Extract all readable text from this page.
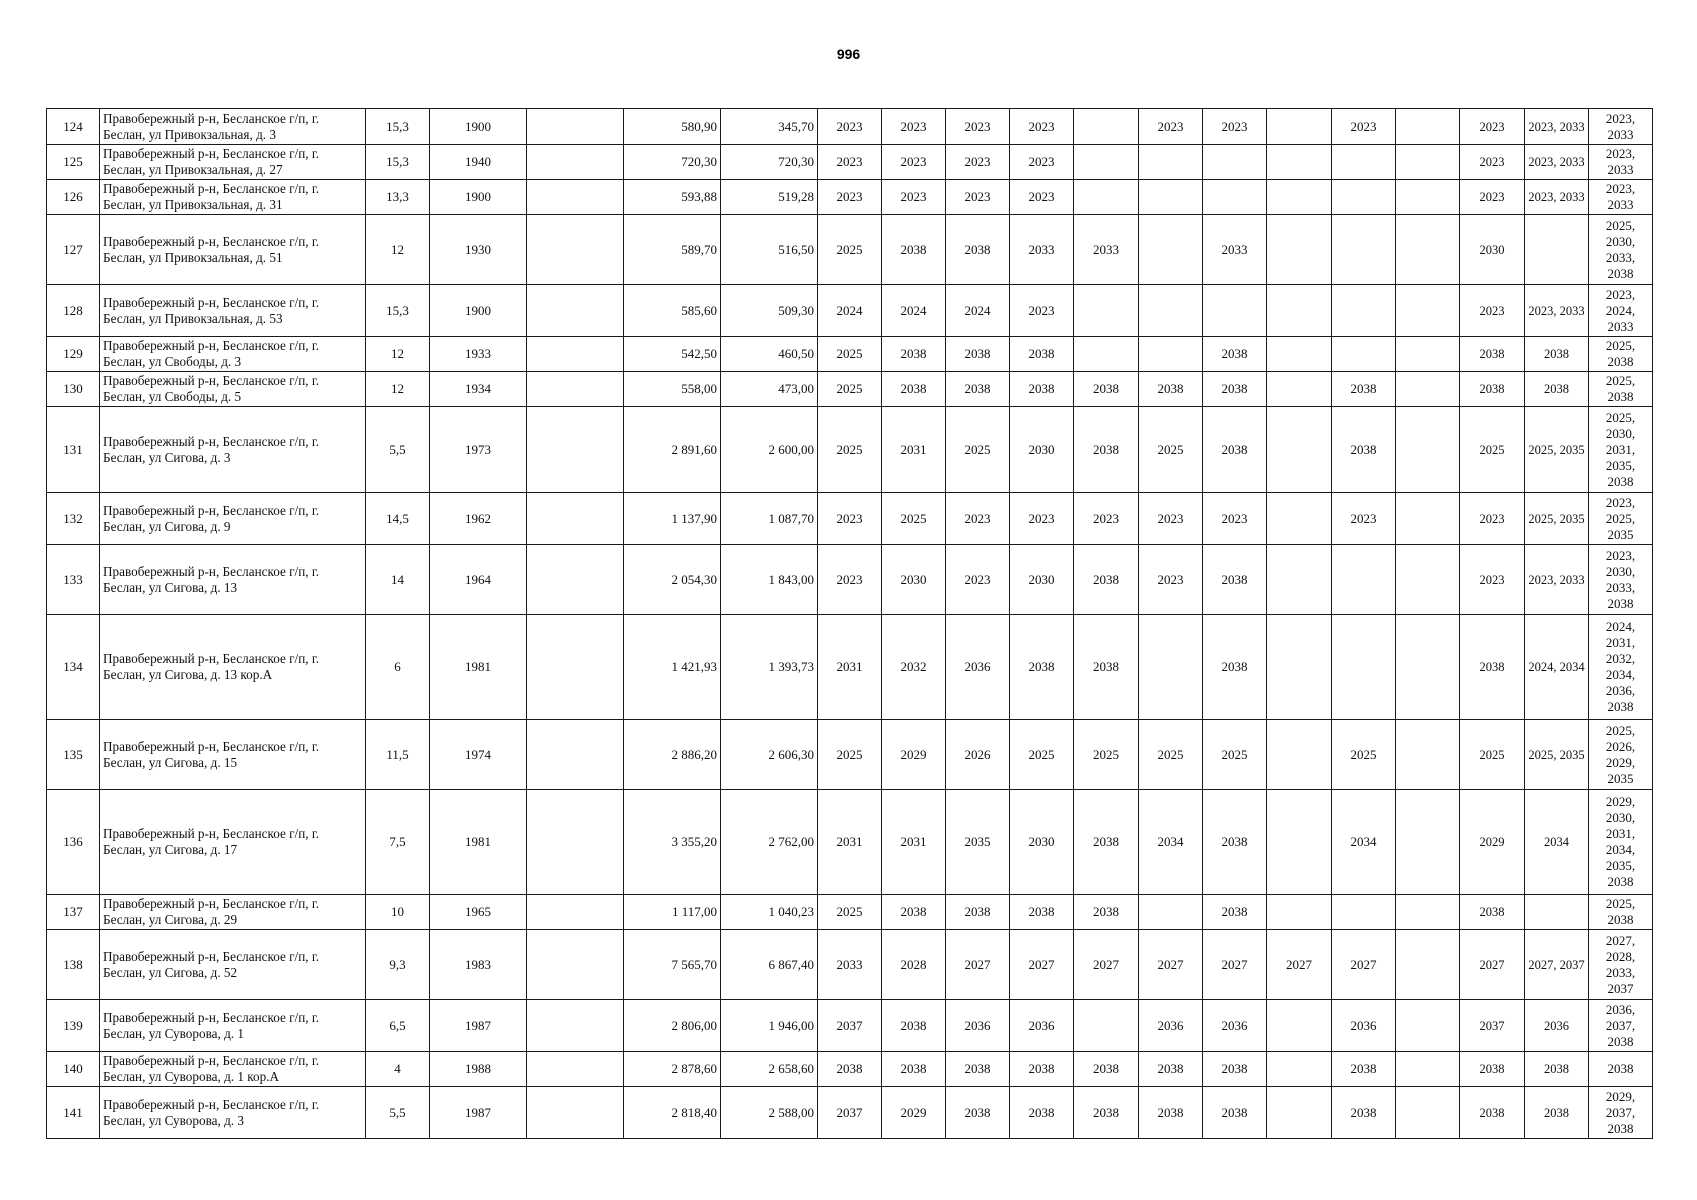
996
124	Правобережный р-н, Бесланское г/п, г. Беслан, ул Привокзальная, д. 3	15,3	1900		580,90	345,70	2023	2023	2023	2023		2023	2023		2023		2023	2023, 2033	2023, 2033
125	Правобережный р-н, Бесланское г/п, г. Беслан, ул Привокзальная, д. 27	15,3	1940		720,30	720,30	2023	2023	2023	2023							2023	2023, 2033	2023, 2033
126	Правобережный р-н, Бесланское г/п, г. Беслан, ул Привокзальная, д. 31	13,3	1900		593,88	519,28	2023	2023	2023	2023							2023	2023, 2033	2023, 2033
127	Правобережный р-н, Бесланское г/п, г. Беслан, ул Привокзальная, д. 51	12	1930		589,70	516,50	2025	2038	2038	2033	2033		2033				2030		2025, 2030, 2033, 2038
128	Правобережный р-н, Бесланское г/п, г. Беслан, ул Привокзальная, д. 53	15,3	1900		585,60	509,30	2024	2024	2024	2023							2023	2023, 2033	2023, 2024, 2033
129	Правобережный р-н, Бесланское г/п, г. Беслан, ул Свободы, д. 3	12	1933		542,50	460,50	2025	2038	2038	2038			2038				2038	2038	2025, 2038
130	Правобережный р-н, Бесланское г/п, г. Беслан, ул Свободы, д. 5	12	1934		558,00	473,00	2025	2038	2038	2038	2038	2038	2038		2038		2038	2038	2025, 2038
131	Правобережный р-н, Бесланское г/п, г. Беслан, ул Сигова, д. 3	5,5	1973		2 891,60	2 600,00	2025	2031	2025	2030	2038	2025	2038		2038		2025	2025, 2035	2025, 2030, 2031, 2035, 2038
132	Правобережный р-н, Бесланское г/п, г. Беслан, ул Сигова, д. 9	14,5	1962		1 137,90	1 087,70	2023	2025	2023	2023	2023	2023	2023		2023		2023	2025, 2035	2023, 2025, 2035
133	Правобережный р-н, Бесланское г/п, г. Беслан, ул Сигова, д. 13	14	1964		2 054,30	1 843,00	2023	2030	2023	2030	2038	2023	2038				2023	2023, 2033	2023, 2030, 2033, 2038
134	Правобережный р-н, Бесланское г/п, г. Беслан, ул Сигова, д. 13 кор.А	6	1981		1 421,93	1 393,73	2031	2032	2036	2038	2038		2038				2038	2024, 2034	2024, 2031, 2032, 2034, 2036, 2038
135	Правобережный р-н, Бесланское г/п, г. Беслан, ул Сигова, д. 15	11,5	1974		2 886,20	2 606,30	2025	2029	2026	2025	2025	2025	2025		2025		2025	2025, 2035	2025, 2026, 2029, 2035
136	Правобережный р-н, Бесланское г/п, г. Беслан, ул Сигова, д. 17	7,5	1981		3 355,20	2 762,00	2031	2031	2035	2030	2038	2034	2038		2034		2029	2034	2029, 2030, 2031, 2034, 2035, 2038
137	Правобережный р-н, Бесланское г/п, г. Беслан, ул Сигова, д. 29	10	1965		1 117,00	1 040,23	2025	2038	2038	2038	2038		2038				2038		2025, 2038
138	Правобережный р-н, Бесланское г/п, г. Беслан, ул Сигова, д. 52	9,3	1983		7 565,70	6 867,40	2033	2028	2027	2027	2027	2027	2027	2027	2027		2027	2027, 2037	2027, 2028, 2033, 2037
139	Правобережный р-н, Бесланское г/п, г. Беслан, ул Суворова, д. 1	6,5	1987		2 806,00	1 946,00	2037	2038	2036	2036		2036	2036		2036		2037	2036	2036, 2037, 2038
140	Правобережный р-н, Бесланское г/п, г. Беслан, ул Суворова, д. 1 кор.А	4	1988		2 878,60	2 658,60	2038	2038	2038	2038	2038	2038	2038		2038		2038	2038	2038
141	Правобережный р-н, Бесланское г/п, г. Беслан, ул Суворова, д. 3	5,5	1987		2 818,40	2 588,00	2037	2029	2038	2038	2038	2038	2038		2038		2038	2038	2029, 2037, 2038
